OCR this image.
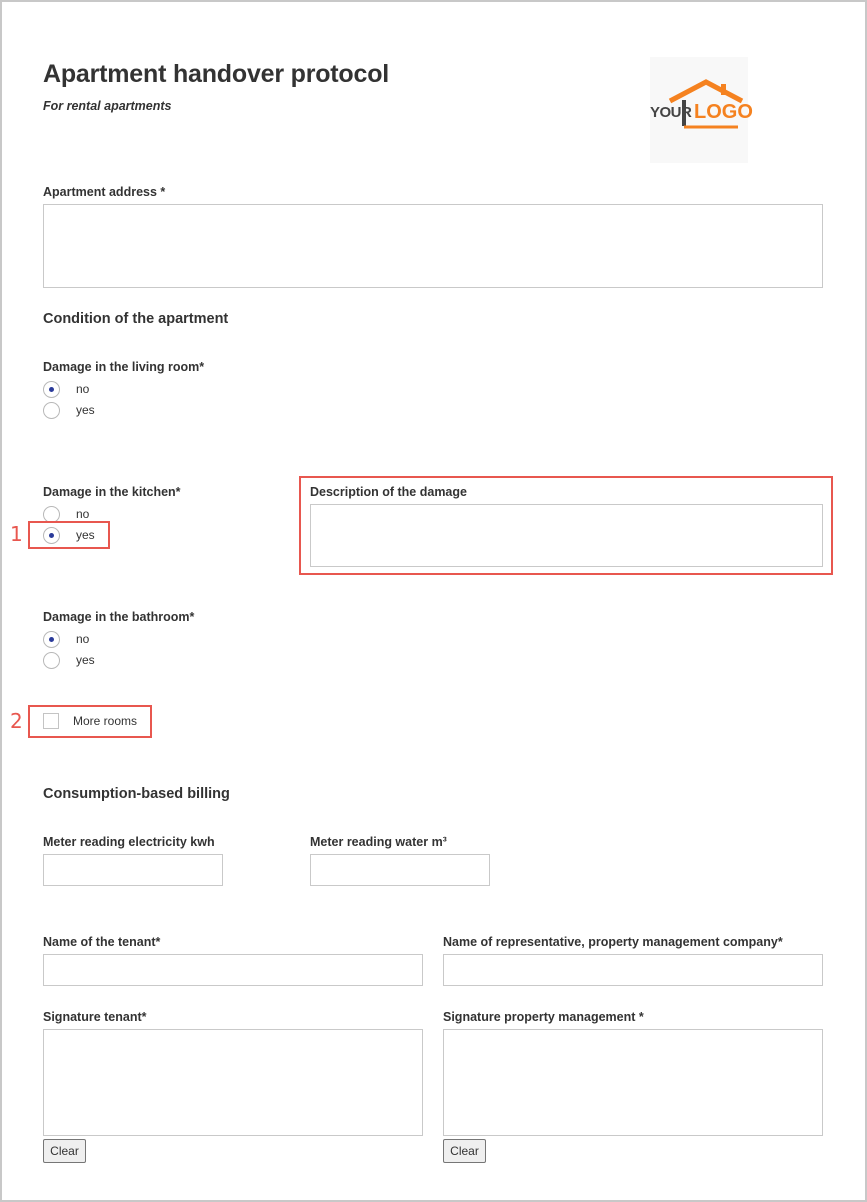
Apartment handover protocol
For rental apartments	YOUR LOGO
Apartment address *
Condition of the apartment
Damage in the living room*
no
yes
Damage in the kitchen*
no
yes
1
Description of the damage
Damage in the bathroom*
no
yes
2	More rooms
Consumption-based billing
Meter reading electricity kwh	Meter reading water m³
Name of the tenant*	Name of representative, property management company*
Signature tenant*
Clear
Signature property management *
Clear
